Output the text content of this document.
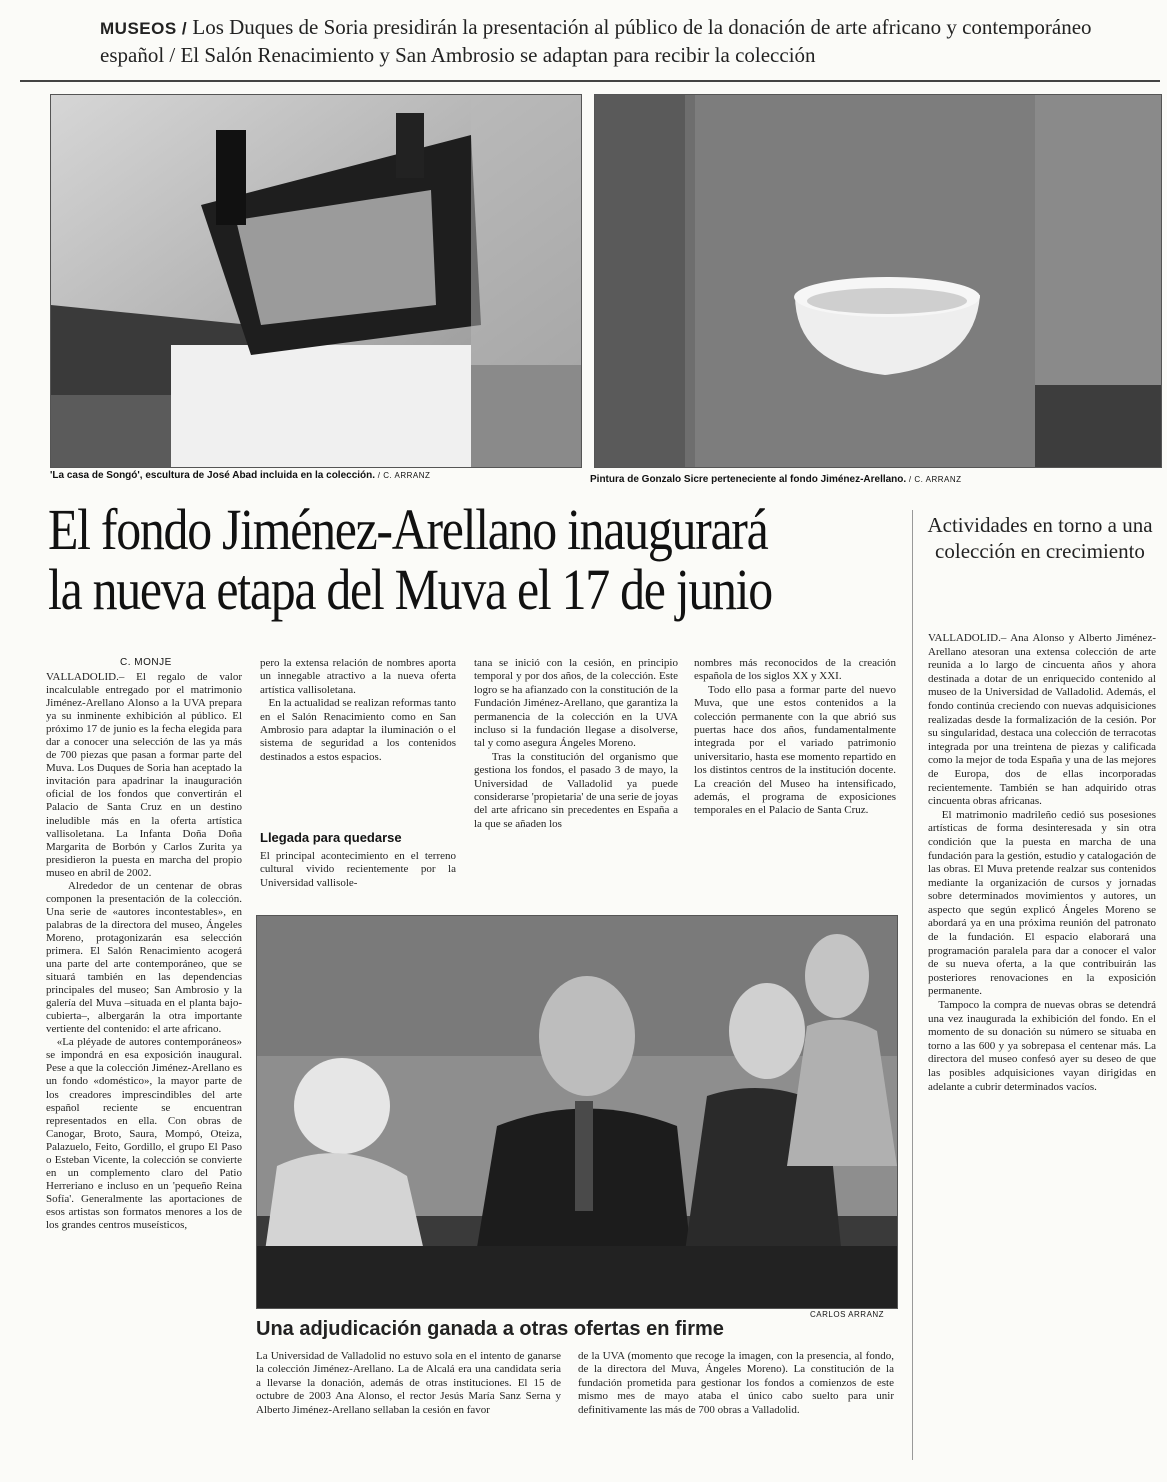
MUSEOS / Los Duques de Soria presidirán la presentación al público de la donación de arte africano y contemporáneo español / El Salón Renacimiento y San Ambrosio se adaptan para recibir la colección
'La casa de Songó', escultura de José Abad incluida en la colección. / C. ARRANZ	Pintura de Gonzalo Sicre perteneciente al fondo Jiménez-Arellano. / C. ARRANZ
El fondo Jiménez-Arellano inaugurará la nueva etapa del Muva el 17 de junio
Actividades en torno a una colección en crecimiento
VALLADOLID.– Ana Alonso y Alberto Jiménez-Arellano atesoran una extensa colección de arte reunida a lo largo de cincuenta años y ahora destinada a dotar de un enriquecido contenido al museo de la Universidad de Valladolid. Además, el fondo continúa creciendo con nuevas adquisiciones realizadas desde la formalización de la cesión. Por su singularidad, destaca una colección de terracotas integrada por una treintena de piezas y calificada como la mejor de toda España y una de las mejores de Europa, dos de ellas incorporadas recientemente. También se han adquirido otras cincuenta obras africanas.
El matrimonio madrileño cedió sus posesiones artísticas de forma desinteresada y sin otra condición que la puesta en marcha de una fundación para la gestión, estudio y catalogación de las obras. El Muva pretende realzar sus contenidos mediante la organización de cursos y jornadas sobre determinados movimientos y autores, un aspecto que según explicó Ángeles Moreno se abordará ya en una próxima reunión del patronato de la fundación. El espacio elaborará una programación paralela para dar a conocer el valor de su nueva oferta, a la que contribuirán las posteriores renovaciones en la exposición permanente.
Tampoco la compra de nuevas obras se detendrá una vez inaugurada la exhibición del fondo. En el momento de su donación su número se situaba en torno a las 600 y ya sobrepasa el centenar más. La directora del museo confesó ayer su deseo de que las posibles adquisiciones vayan dirigidas en adelante a cubrir determinados vacíos.
C. MONJE
VALLADOLID.– El regalo de valor incalculable entregado por el matrimonio Jiménez-Arellano Alonso a la UVA prepara ya su inminente exhibición al público. El próximo 17 de junio es la fecha elegida para dar a conocer una selección de las ya más de 700 piezas que pasan a formar parte del Muva. Los Duques de Soria han aceptado la invitación para apadrinar la inauguración oficial de los fondos que convertirán el Palacio de Santa Cruz en un destino ineludible más en la oferta artística vallisoletana. La Infanta Doña Doña Margarita de Borbón y Carlos Zurita ya presidieron la puesta en marcha del propio museo en abril de 2002.
Alrededor de un centenar de obras componen la presentación de la colección. Una serie de «autores incontestables», en palabras de la directora del museo, Ángeles Moreno, protagonizarán esa selección primera. El Salón Renacimiento acogerá una parte del arte contemporáneo, que se situará también en las dependencias principales del museo; San Ambrosio y la galería del Muva –situada en el planta bajo-cubierta–, albergarán la otra importante vertiente del contenido: el arte africano.
«La pléyade de autores contemporáneos» se impondrá en esa exposición inaugural. Pese a que la colección Jiménez-Arellano es un fondo «doméstico», la mayor parte de los creadores imprescindibles del arte español reciente se encuentran representados en ella. Con obras de Canogar, Broto, Saura, Mompó, Oteiza, Palazuelo, Feito, Gordillo, el grupo El Paso o Esteban Vicente, la colección se convierte en un complemento claro del Patio Herreriano e incluso en un 'pequeño Reina Sofía'. Generalmente las aportaciones de esos artistas son formatos menores a los de los grandes centros museísticos,
pero la extensa relación de nombres aporta un innegable atractivo a la nueva oferta artística vallisoletana.
En la actualidad se realizan reformas tanto en el Salón Renacimiento como en San Ambrosio para adaptar la iluminación o el sistema de seguridad a los contenidos destinados a estos espacios.
Llegada para quedarse
El principal acontecimiento en el terreno cultural vivido recientemente por la Universidad vallisole-
tana se inició con la cesión, en principio temporal y por dos años, de la colección. Este logro se ha afianzado con la constitución de la Fundación Jiménez-Arellano, que garantiza la permanencia de la colección en la UVA incluso si la fundación llegase a disolverse, tal y como asegura Ángeles Moreno.
Tras la constitución del organismo que gestiona los fondos, el pasado 3 de mayo, la Universidad de Valladolid ya puede considerarse 'propietaria' de una serie de joyas del arte africano sin precedentes en España a la que se añaden los
nombres más reconocidos de la creación española de los siglos XX y XXI.
Todo ello pasa a formar parte del nuevo Muva, que une estos contenidos a la colección permanente con la que abrió sus puertas hace dos años, fundamentalmente integrada por el variado patrimonio universitario, hasta ese momento repartido en los distintos centros de la institución docente. La creación del Museo ha intensificado, además, el programa de exposiciones temporales en el Palacio de Santa Cruz.
CARLOS ARRANZ
Una adjudicación ganada a otras ofertas en firme
La Universidad de Valladolid no estuvo sola en el intento de ganarse la colección Jiménez-Arellano. La de Alcalá era una candidata seria a llevarse la donación, además de otras instituciones. El 15 de octubre de 2003 Ana Alonso, el rector Jesús María Sanz Serna y Alberto Jiménez-Arellano sellaban la cesión en favor
de la UVA (momento que recoge la imagen, con la presencia, al fondo, de la directora del Muva, Ángeles Moreno). La constitución de la fundación prometida para gestionar los fondos a comienzos de este mismo mes de mayo ataba el único cabo suelto para unir definitivamente las más de 700 obras a Valladolid.
